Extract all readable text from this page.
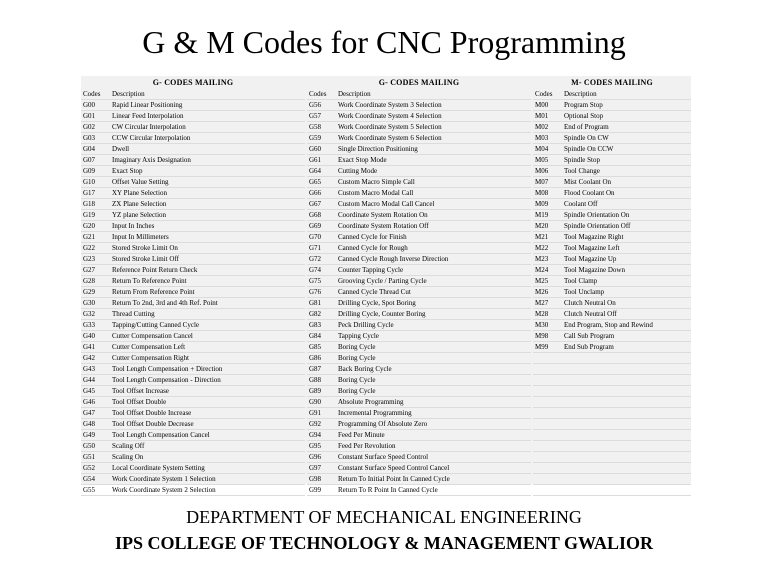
G & M Codes for CNC Programming
G- CODES MAILING
Codes	Description
G00	Rapid Linear Positioning
G01	Linear Feed Interpolation
G02	CW Circular Interpolation
G03	CCW Circular Interpolation
G04	Dwell
G07	Imaginary Axis Designation
G09	Exact Stop
G10	Offset Value Setting
G17	XY Plane Selection
G18	ZX Plane Selection
G19	YZ plane Selection
G20	Input In Inches
G21	Input In Millimeters
G22	Stored Stroke Limit On
G23	Stored Stroke Limit Off
G27	Reference Point Return Check
G28	Return To Reference Point
G29	Return From Reference Point
G30	Return To 2nd, 3rd and 4th Ref. Point
G32	Thread Cutting
G33	Tapping/Cutting Canned Cycle
G40	Cutter Compensation Cancel
G41	Cutter Compensation Left
G42	Cutter Compensation Right
G43	Tool Length Compensation + Direction
G44	Tool Length Compensation - Direction
G45	Tool Offset Increase
G46	Tool Offset Double
G47	Tool Offset Double Increase
G48	Tool Offset Double Decrease
G49	Tool Length Compensation Cancel
G50	Scaling Off
G51	Scaling On
G52	Local Coordinate System Setting
G54	Work Coordinate System 1 Selection
G55	Work Coordinate System 2 Selection
G- CODES MAILING
Codes	Description
G56	Work Coordinate System 3 Selection
G57	Work Coordinate System 4 Selection
G58	Work Coordinate System 5 Selection
G59	Work Coordinate System 6 Selection
G60	Single Direction Positioning
G61	Exact Stop Mode
G64	Cutting Mode
G65	Custom Macro Simple Call
G66	Custom Macro Modal Call
G67	Custom Macro Modal Call Cancel
G68	Coordinate System Rotation On
G69	Coordinate System Rotation Off
G70	Canned Cycle for Finish
G71	Canned Cycle for Rough
G72	Canned Cycle Rough Inverse Direction
G74	Counter Tapping Cycle
G75	Grooving Cycle / Parting Cycle
G76	Canned Cycle Thread Cut
G81	Drilling Cycle, Spot Boring
G82	Drilling Cycle, Counter Boring
G83	Peck Drilling Cycle
G84	Tapping Cycle
G85	Boring Cycle
G86	Boring Cycle
G87	Back Boring Cycle
G88	Boring Cycle
G89	Boring Cycle
G90	Absolute Programming
G91	Incremental Programming
G92	Programming Of Absolute Zero
G94	Feed Per Minute
G95	Feed Per Revolution
G96	Constant Surface Speed Control
G97	Constant Surface Speed Control Cancel
G98	Return To Initial Point In Canned Cycle
G99	Return To R Point In Canned Cycle
M- CODES MAILING
Codes	Description
M00	Program Stop
M01	Optional Stop
M02	End of Program
M03	Spindle On CW
M04	Spindle On CCW
M05	Spindle Stop
M06	Tool Change
M07	Mist Coolant On
M08	Flood Coolant On
M09	Coolant Off
M19	Spindle Orientation On
M20	Spindle Orientation Off
M21	Tool Magazine Right
M22	Tool Magazine Left
M23	Tool Magazine Up
M24	Tool Magazine Down
M25	Tool Clamp
M26	Tool Unclamp
M27	Clutch Neutral On
M28	Clutch Neutral Off
M30	End Program, Stop and Rewind
M98	Call Sub Program
M99	End Sub Program
DEPARTMENT OF MECHANICAL ENGINEERING
IPS COLLEGE OF TECHNOLOGY & MANAGEMENT GWALIOR
